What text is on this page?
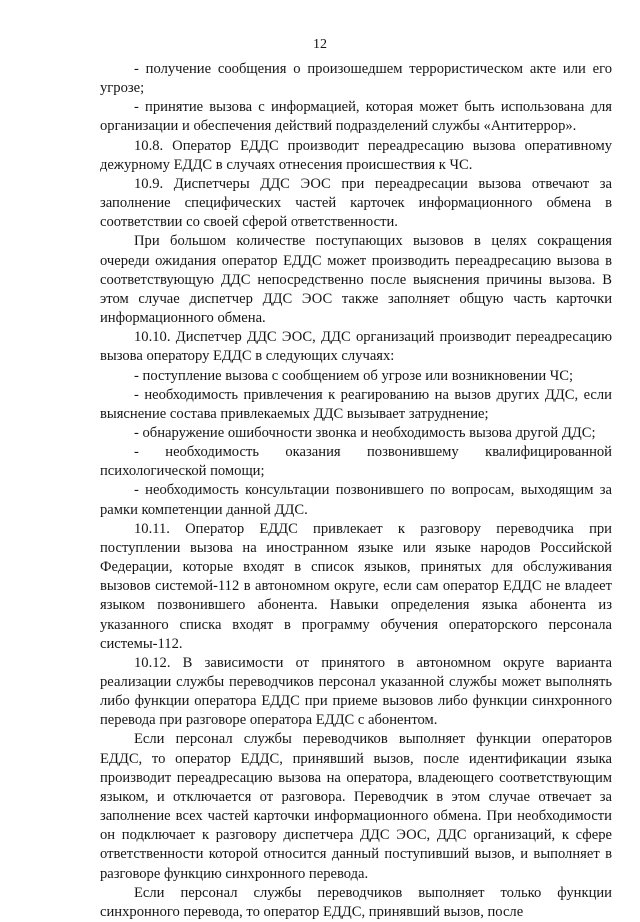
12

- получение сообщения о произошедшем террористическом акте или его угрозе;

- принятие вызова с информацией, которая может быть использована для организации и обеспечения действий подразделений службы «Антитеррор».

10.8. Оператор ЕДДС производит переадресацию вызова оперативному дежурному ЕДДС в случаях отнесения происшествия к ЧС.

10.9. Диспетчеры ДДС ЭОС при переадресации вызова отвечают за заполнение специфических частей карточек информационного обмена в соответствии со своей сферой ответственности.

При большом количестве поступающих вызовов в целях сокращения очереди ожидания оператор ЕДДС может производить переадресацию вызова в соответствующую ДДС непосредственно после выяснения причины вызова. В этом случае диспетчер ДДС ЭОС также заполняет общую часть карточки информационного обмена.

10.10. Диспетчер ДДС ЭОС, ДДС организаций производит переадресацию вызова оператору ЕДДС в следующих случаях:

- поступление вызова с сообщением об угрозе или возникновении ЧС;

- необходимость привлечения к реагированию на вызов других ДДС, если выяснение состава привлекаемых ДДС вызывает затруднение;

- обнаружение ошибочности звонка и необходимость вызова другой ДДС;

- необходимость оказания позвонившему квалифицированной психологической помощи;

- необходимость консультации позвонившего по вопросам, выходящим за рамки компетенции данной ДДС.

10.11. Оператор ЕДДС привлекает к разговору переводчика при поступлении вызова на иностранном языке или языке народов Российской Федерации, которые входят в список языков, принятых для обслуживания вызовов системой-112 в автономном округе, если сам оператор ЕДДС не владеет языком позвонившего абонента. Навыки определения языка абонента из указанного списка входят в программу обучения операторского персонала системы-112.

10.12. В зависимости от принятого в автономном округе варианта реализации службы переводчиков персонал указанной службы может выполнять либо функции оператора ЕДДС при приеме вызовов либо функции синхронного перевода при разговоре оператора ЕДДС с абонентом.

Если персонал службы переводчиков выполняет функции операторов ЕДДС, то оператор ЕДДС, принявший вызов, после идентификации языка производит переадресацию вызова на оператора, владеющего соответствующим языком, и отключается от разговора. Переводчик в этом случае отвечает за заполнение всех частей карточки информационного обмена. При необходимости он подключает к разговору диспетчера ДДС ЭОС, ДДС организаций, к сфере ответственности которой относится данный поступивший вызов, и выполняет в разговоре функцию синхронного перевода.

Если персонал службы переводчиков выполняет только функции синхронного перевода, то оператор ЕДДС, принявший вызов, после
